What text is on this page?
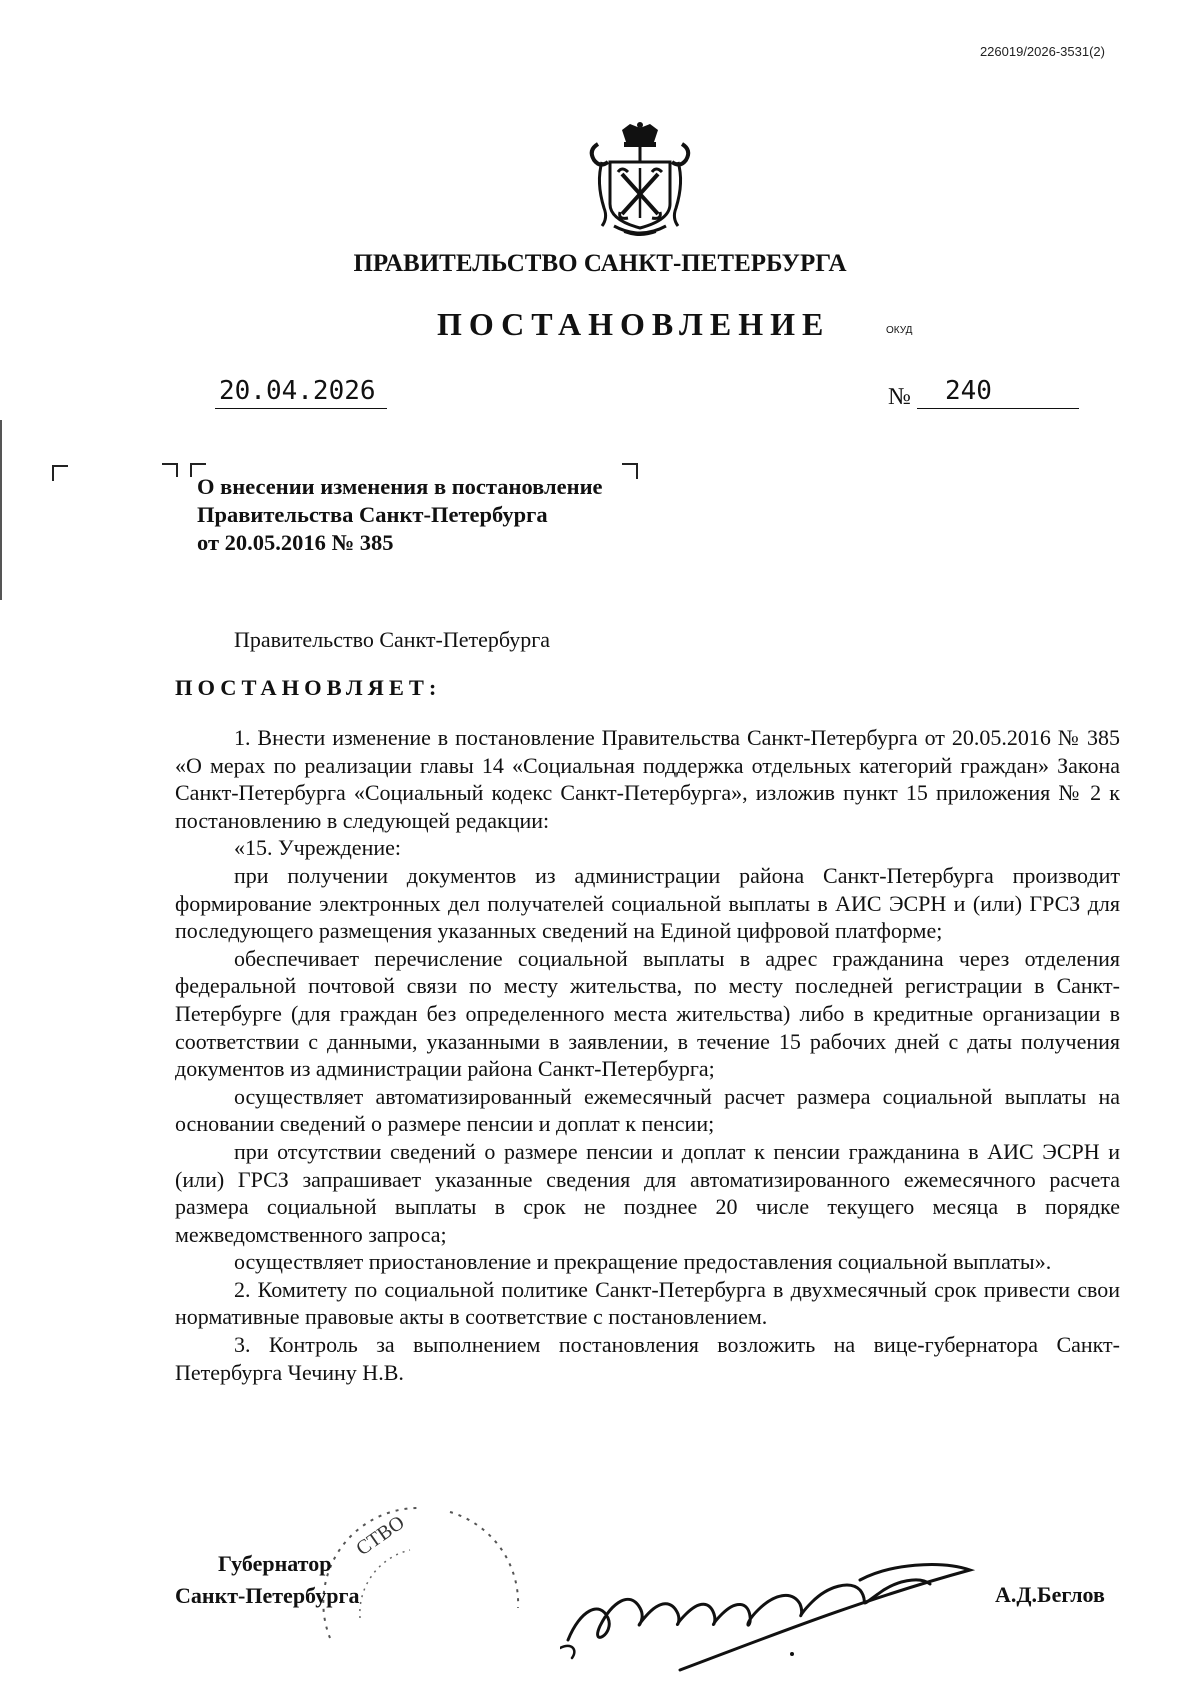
226019/2026-3531(2)
ПРАВИТЕЛЬСТВО САНКТ-ПЕТЕРБУРГА
ПОСТАНОВЛЕНИЕ	ОКУД
20.04.2026	№	240
О внесении изменения в постановление
Правительства Санкт-Петербурга
от 20.05.2016 № 385
Правительство Санкт-Петербурга
ПОСТАНОВЛЯЕТ:

1. Внести изменение в постановление Правительства Санкт-Петербурга от 20.05.2016 № 385 «О мерах по реализации главы 14 «Социальная поддержка отдельных категорий граждан» Закона Санкт-Петербурга «Социальный кодекс Санкт-Петербурга», изложив пункт 15 приложения № 2 к постановлению в следующей редакции:

«15. Учреждение:

при получении документов из администрации района Санкт-Петербурга производит формирование электронных дел получателей социальной выплаты в АИС ЭСРН и (или) ГРСЗ для последующего размещения указанных сведений на Единой цифровой платформе;

обеспечивает перечисление социальной выплаты в адрес гражданина через отделения федеральной почтовой связи по месту жительства, по месту последней регистрации в Санкт-Петербурге (для граждан без определенного места жительства) либо в кредитные организации в соответствии с данными, указанными в заявлении, в течение 15 рабочих дней с даты получения документов из администрации района Санкт-Петербурга;

осуществляет автоматизированный ежемесячный расчет размера социальной выплаты на основании сведений о размере пенсии и доплат к пенсии;

при отсутствии сведений о размере пенсии и доплат к пенсии гражданина в АИС ЭСРН и (или) ГРСЗ запрашивает указанные сведения для автоматизированного ежемесячного расчета размера социальной выплаты в срок не позднее 20 числе текущего месяца в порядке межведомственного запроса;

осуществляет приостановление и прекращение предоставления социальной выплаты».

2. Комитету по социальной политике Санкт-Петербурга в двухмесячный срок привести свои нормативные правовые акты в соответствие с постановлением.

3. Контроль за выполнением постановления возложить на вице-губернатора Санкт-Петербурга Чечину Н.В.

СТВО
Губернатор
Санкт-Петербурга	А.Д.Беглов
